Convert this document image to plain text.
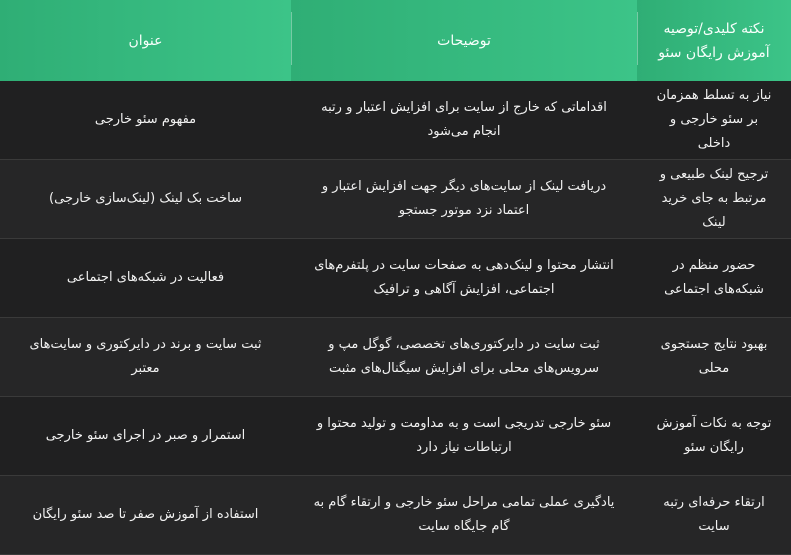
نکته کلیدی/توصیه آموزش رایگان سئو
توضیحات
عنوان
نیاز به تسلط همزمان بر سئو خارجی و داخلی
اقداماتی که خارج از سایت برای افزایش اعتبار و رتبه انجام می‌شود
مفهوم سئو خارجی
ترجیح لینک طبیعی و مرتبط به جای خرید لینک
دریافت لینک از سایت‌های دیگر جهت افزایش اعتبار و اعتماد نزد موتور جستجو
ساخت بک لینک (لینک‌سازی خارجی)
حضور منظم در شبکه‌های اجتماعی
انتشار محتوا و لینک‌دهی به صفحات سایت در پلتفرم‌های اجتماعی، افزایش آگاهی و ترافیک
فعالیت در شبکه‌های اجتماعی
بهبود نتایج جستجوی محلی
ثبت سایت در دایرکتوری‌های تخصصی، گوگل مپ و سرویس‌های محلی برای افزایش سیگنال‌های مثبت
ثبت سایت و برند در دایرکتوری و سایت‌های معتبر
توجه به نکات آموزش رایگان سئو
سئو خارجی تدریجی است و به مداومت و تولید محتوا و ارتباطات نیاز دارد
استمرار و صبر در اجرای سئو خارجی
ارتقاء حرفه‌ای رتبه سایت
یادگیری عملی تمامی مراحل سئو خارجی و ارتقاء گام به گام جایگاه سایت
استفاده از آموزش صفر تا صد سئو رایگان
